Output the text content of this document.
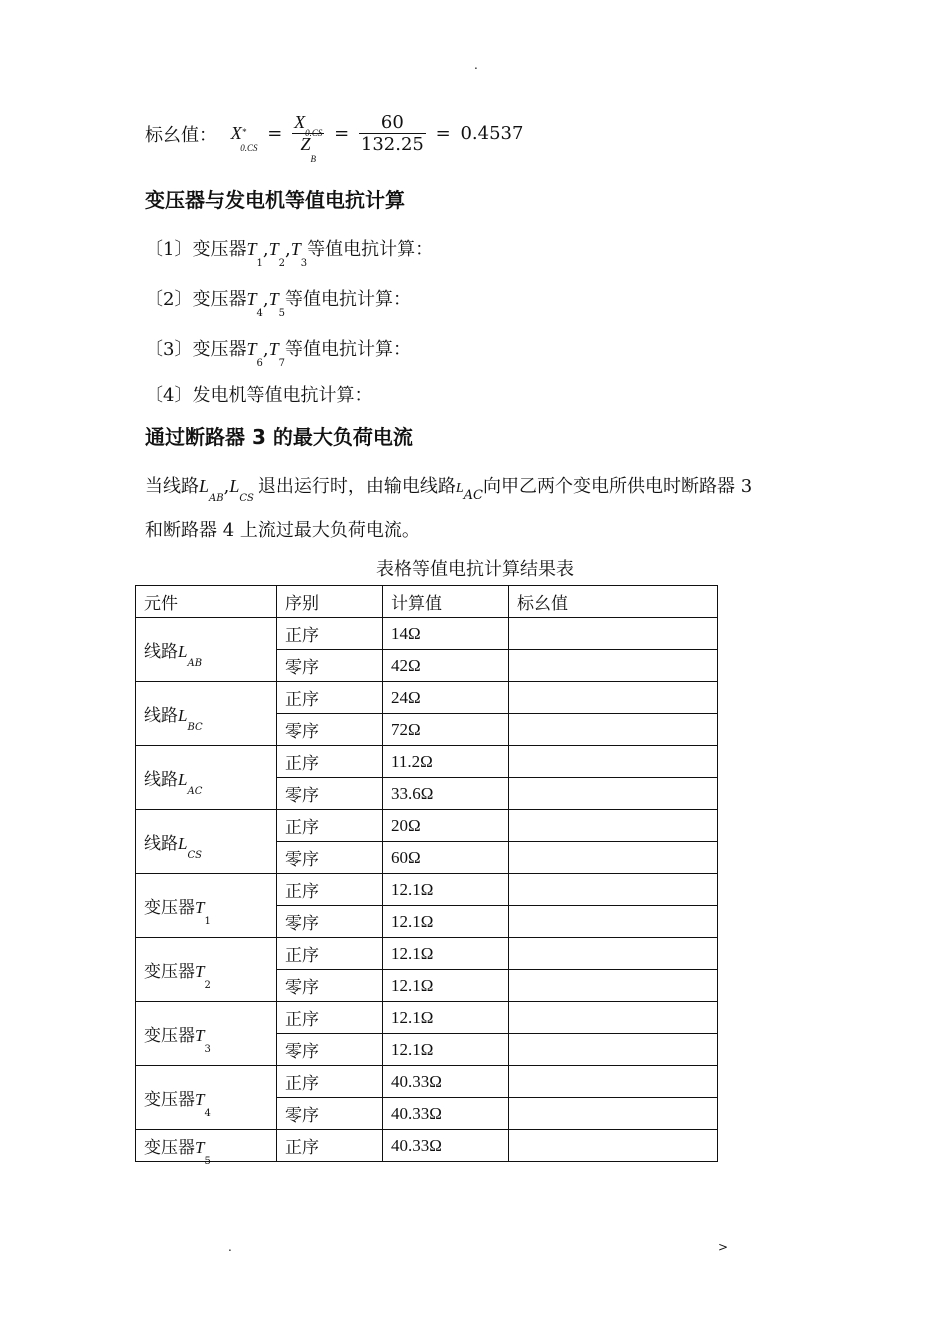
.
标幺值： $X*0.CS = \frac{X0.CS}{ZB} = \frac{60}{132.25} = 0.4537$
变压器与发电机等值电抗计算
〔1〕变压器$T_1,T_2,T_3$等值电抗计算：
〔2〕变压器$T_4,T_5$等值电抗计算：
〔3〕变压器$T_6,T_7$等值电抗计算：
〔4〕发电机等值电抗计算：
通过断路器 3 的最大负荷电流
当线路$L_{AB},L_{CS}$退出运行时，由输电线路$L_{AC}$向甲乙两个变电所供电时断路器 3
和断路器 4 上流过最大负荷电流。
表格等值电抗计算结果表
元件	序别	计算值	标幺值
线路$L_{AB}$	正序	14Ω	
	零序	42Ω	
线路$L_{BC}$	正序	24Ω	
	零序	72Ω	
线路$L_{AC}$	正序	11.2Ω	
	零序	33.6Ω	
线路$L_{CS}$	正序	20Ω	
	零序	60Ω	
变压器$T_1$	正序	12.1Ω	
	零序	12.1Ω	
变压器$T_2$	正序	12.1Ω	
	零序	12.1Ω	
变压器$T_3$	正序	12.1Ω	
	零序	12.1Ω	
变压器$T_4$	正序	40.33Ω	
	零序	40.33Ω	
变压器$T_5$	正序	40.33Ω	
.	>
